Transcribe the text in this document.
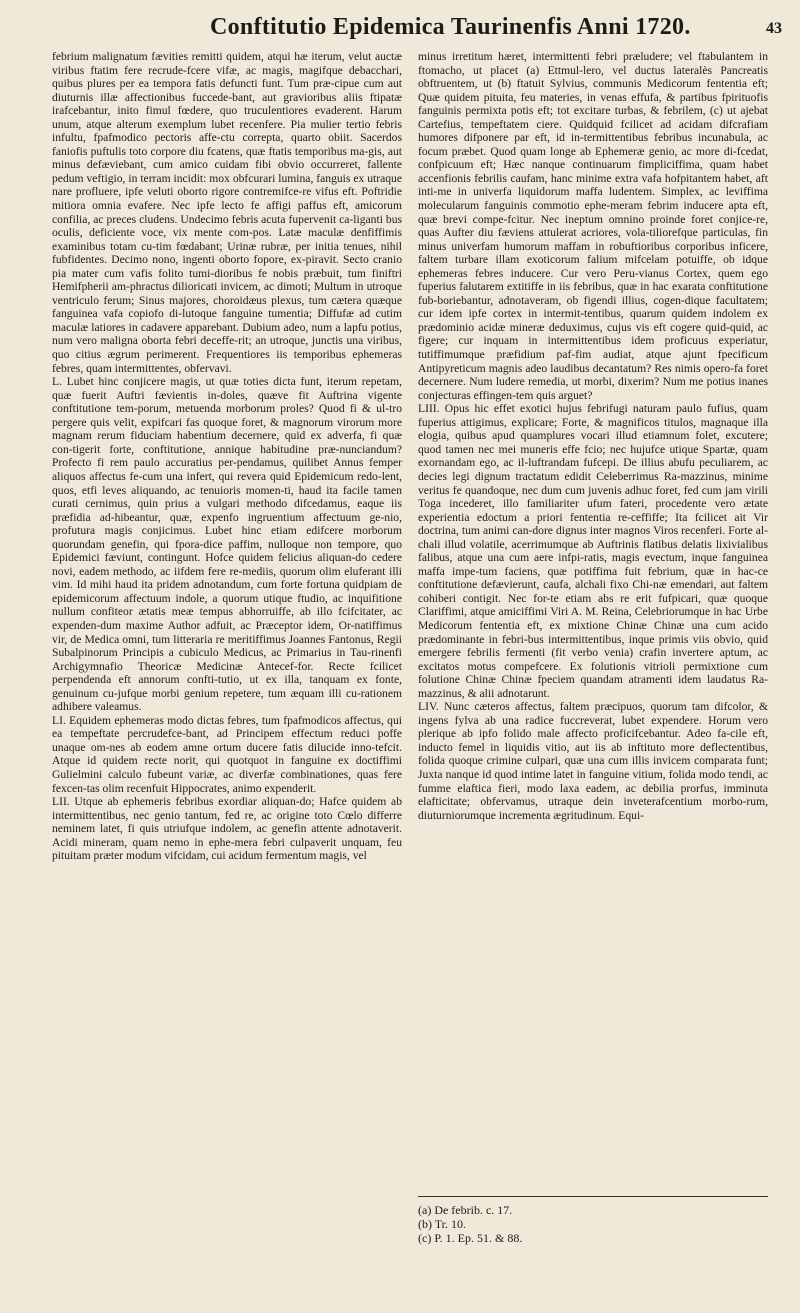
Conftitutio Epidemica Taurinenfis Anni 1720.	43
febrium malignatum fævities remitti quidem, atqui hæ iterum, velut auctæ viribus ftatim fere recrude-fcere vifæ, ac magis, magifque debacchari, quibus plures per ea tempora fatis defuncti funt. Tum præ-cipue cum aut diuturnis illæ affectionibus fuccede-bant, aut gravioribus aliis ftipatæ irafcebantur, inito fimul fœdere, quo truculentiores evaderent. Harum unum, atque alterum exemplum lubet recenfere. Pia mulier tertio febris infultu, fpafmodico pectoris affe-ctu correpta, quarto obiit. Sacerdos faniofis puftulis toto corpore diu fcatens, quæ ftatis temporibus ma-gis, aut minus defæviebant, cum amico cuidam fibi obvio occurreret, fallente pedum veftigio, in terram incidit: mox obfcurari lumina, fanguis ex utraque nare profluere, ipfe veluti oborto rigore contremifce-re vifus eft. Poftridie mitiora omnia evafere. Nec ipfe lecto fe affigi paffus eft, amicorum confilia, ac preces cludens. Undecimo febris acuta fupervenit ca-liganti bus oculis, deficiente voce, vix mente com-pos. Latæ maculæ denfiffimis examinibus totam cu-tim fœdabant; Urinæ rubræ, per initia tenues, nihil fubfidentes. Decimo nono, ingenti oborto fopore, ex-piravit. Secto cranio pia mater cum vafis folito tumi-dioribus fe nobis præbuit, tum finiftri Hemifpherii am-phractus dilioricati invicem, ac dimoti; Multum in utroque ventriculo ferum; Sinus majores, choroidæus plexus, tum cætera quæque fanguinea vafa copiofo di-lutoque fanguine tumentia; Diffufæ ad cutim maculæ latiores in cadavere apparebant. Dubium adeo, num a lapfu potius, num vero maligna oborta febri deceffe-rit; an utroque, junctis una viribus, quo citius ægrum perimerent. Frequentiores iis temporibus ephemeras febres, quam intermittentes, obfervavi.
L. Lubet hinc conjicere magis, ut quæ toties dicta funt, iterum repetam, quæ fuerit Auftri fævientis in-doles, quæve fit Auftrina vigente conftitutione tem-porum, metuenda morborum proles? Quod fi & ul-tro pergere quis velit, expifcari fas quoque foret, & magnorum virorum more magnam rerum fiduciam habentium decernere, quid ex adverfa, fi quæ con-tigerit forte, conftitutione, annique habitudine præ-nunciandum? Profecto fi rem paulo accuratius per-pendamus, quilibet Annus femper aliquos affectus fe-cum una infert, qui revera quid Epidemicum redo-lent, quos, etfi leves aliquando, ac tenuioris momen-ti, haud ita facile tamen curati cernimus, quin prius a vulgari methodo difcedamus, eaque iis præfidia ad-hibeantur, quæ, expenfo ingruentium affectuum ge-nio, profutura magis conjicimus. Lubet hinc etiam edifcere morborum quorundam genefin, qui fpora-dice paffim, nulloque non tempore, quo Epidemici fæviunt, contingunt. Hofce quidem felicius aliquan-do cedere novi, eadem methodo, ac iifdem fere re-mediis, quorum olim eluferant illi vim. Id mihi haud ita pridem adnotandum, cum forte fortuna quidpiam de epidemicorum affectuum indole, a quorum utique ftudio, ac inquifitione nullum confiteor ætatis meæ tempus abhorruiffe, ab illo fcifcitater, ac expenden-dum maxime Author adfuit, ac Præceptor idem, Or-natiffimus vir, de Medica omni, tum litteraria re meritiffimus Joannes Fantonus, Regii Subalpinorum Principis a cubiculo Medicus, ac Primarius in Tau-rinenfi Archigymnafio Theoricæ Medicinæ Antecef-for. Recte fcilicet perpendenda eft annorum confti-tutio, ut ex illa, tanquam ex fonte, genuinum cu-jufque morbi genium repetere, tum æquam illi cu-rationem adhibere valeamus.
LI. Equidem ephemeras modo dictas febres, tum fpafmodicos affectus, qui ea tempeftate percrudefce-bant, ad Principem effectum reduci poffe unaque om-nes ab eodem amne ortum ducere fatis dilucide inno-tefcit. Atque id quidem recte norit, qui quotquot in fanguine ex doctiffimi Gulielmini calculo fubeunt variæ, ac diverfæ combinationes, quas fere fexcen-tas olim recenfuit Hippocrates, animo expenderit.
LII. Utque ab ephemeris febribus exordiar aliquan-do; Hafce quidem ab intermittentibus, nec genio tantum, fed re, ac origine toto Cœlo differre neminem latet, fi quis utriufque indolem, ac genefin attente adnotaverit. Acidi mineram, quam nemo in ephe-mera febri culpaverit unquam, feu pituitam præter modum vifcidam, cui acidum fermentum magis, vel
minus irretitum hæret, intermittenti febri præludere; vel ftabulantem in ftomacho, ut placet (a) Ettmul-lero, vel ductus lateralès Pancreatis obftruentem, ut (b) ftatuit Sylvius, communis Medicorum fententia eft; Quæ quidem pituita, feu materies, in venas effufa, & partibus fpirituofis fanguinis permixta potis eft; tot excitare turbas, & febrilem, (c) ut ajebat Cartefius, tempeftatem ciere. Quidquid fcilicet ad acidam difcrafiam humores difponere par eft, id in-termittentibus febribus incunabula, ac focum præbet. Quod quam longe ab Ephemeræ genio, ac more di-fcedat, confpicuum eft; Hæc nanque continuarum fimpliciffima, quam habet accenfionis febrilis caufam, hanc minime extra vafa hofpitantem habet, aft inti-me in univerfa liquidorum maffa ludentem. Simplex, ac leviffima molecularum fanguinis commotio ephe-meram febrim inducere apta eft, quæ brevi compe-fcitur. Nec ineptum omnino proinde foret conjice-re, quas Aufter diu fæviens attulerat acriores, vola-tiliorefque particulas, fin minus univerfam humorum maffam in robuftioribus corporibus inficere, faltem turbare illam exoticorum falium mifcelam potuiffe, ob idque ephemeras febres inducere. Cur vero Peru-vianus Cortex, quem ego fuperius falutarem extitiffe in iis febribus, quæ in hac exarata conftitutione fub-boriebantur, adnotaveram, ob figendi illius, cogen-dique facultatem; cur idem ipfe cortex in intermit-tentibus, quarum quidem indolem ex prædominio acidæ mineræ deduximus, cujus vis eft cogere quid-quid, ac figere; cur inquam in intermittentibus idem proficuus experiatur, tutiffimumque præfidium paf-fim audiat, atque ajunt fpecificum Antipyreticum magnis adeo laudibus decantatum? Res nimis opero-fa foret decernere. Num ludere remedia, ut morbi, dixerim? Num me potius inanes conjecturas effingen-tem quis arguet?
LIII. Opus hic effet exotici hujus febrifugi naturam paulo fufius, quam fuperius attigimus, explicare; Forte, & magnificos titulos, magnaque illa elogia, quibus apud quamplures vocari illud etiamnum folet, excutere; quod tamen nec mei muneris effe fcio; nec hujufce utique Spartæ, quam exornandam ego, ac il-luftrandam fufcepi. De illius abufu peculiarem, ac decies legi dignum tractatum edidit Celeberrimus Ra-mazzinus, minime veritus fe quandoque, nec dum cum juvenis adhuc foret, fed cum jam virili Toga incederet, illo familiariter ufum fateri, procedente vero ætate experientia edoctum a priori fententia re-ceffiffe; Ita fcilicet ait Vir doctrina, tum animi can-dore dignus inter magnos Viros recenferi. Forte al-chali illud volatile, acerrimumque ab Auftrinis flatibus delatis lixivialibus falibus, atque una cum aere infpi-ratis, magis evectum, inque fanguinea maffa impe-tum faciens, quæ potiffima fuit febrium, quæ in hac-ce conftitutione defævierunt, caufa, alchali fixo Chi-næ emendari, aut faltem cohiberi contigit. Nec for-te etiam abs re erit fufpicari, quæ quoque Clariffimi, atque amiciffimi Viri A. M. Reina, Celebriorumque in hac Urbe Medicorum fententia eft, ex mixtione Chinæ Chinæ una cum acido prædominante in febri-bus intermittentibus, inque primis viis obvio, quid emergere febrilis fermenti (fit verbo venia) crafin invertere aptum, ac excitatos motus compefcere. Ex folutionis vitrioli permixtione cum folutione Chinæ Chinæ fpeciem quandam atramenti idem laudatus Ra-mazzinus, & alii adnotarunt.
LIV. Nunc cæteros affectus, faltem præcipuos, quorum tam difcolor, & ingens fylva ab una radice fuccreverat, lubet expendere. Horum vero plerique ab ipfo folido male affecto proficifcebantur. Adeo fa-cile eft, inducto femel in liquidis vitio, aut iis ab inftituto more deflectentibus, folida quoque crimine culpari, quæ una cum illis invicem comparata funt; Juxta nanque id quod intime latet in fanguine vitium, folida modo tendi, ac fumme elaftica fieri, modo laxa eadem, ac debilia prorfus, imminuta elafticitate; obfervamus, utraque dein inveterafcentium morbo-rum, diuturniorumque incrementa ægritudinum. Equi-
(a) De febrib. c. 17.
(b) Tr. 10.
(c) P. 1. Ep. 51. & 88.
